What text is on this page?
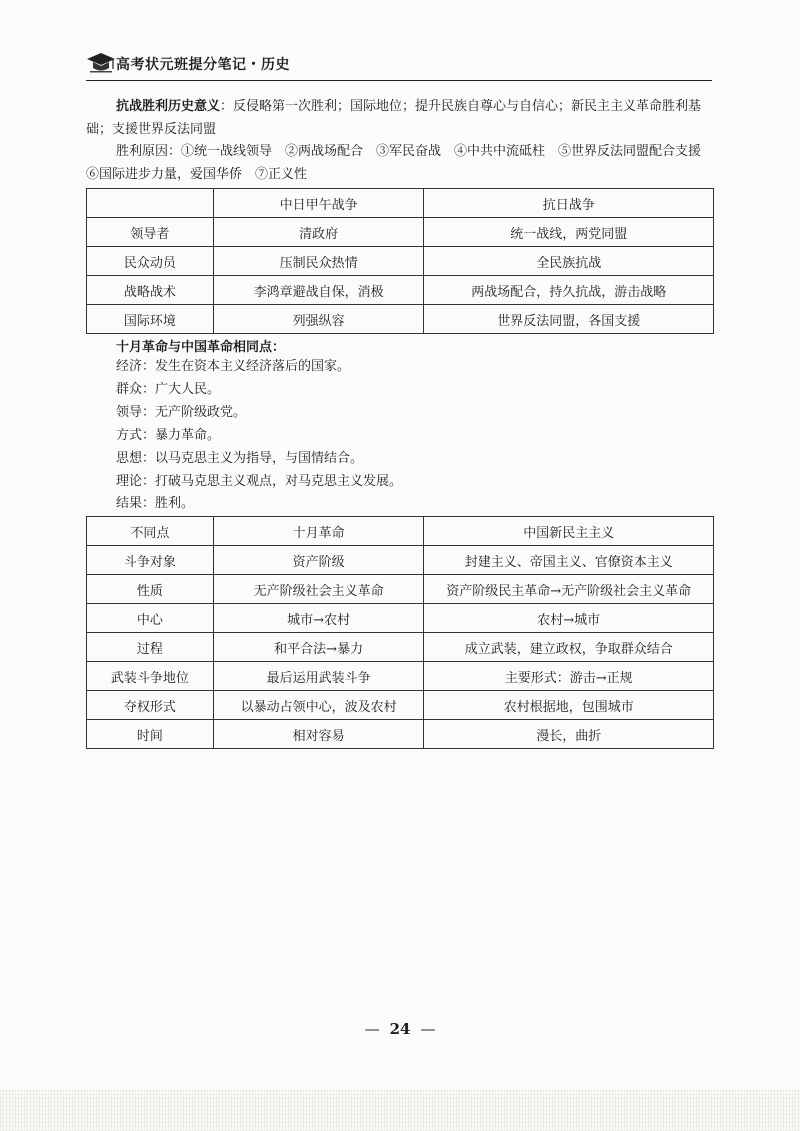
高考状元班提分笔记・历史

抗战胜利历史意义：反侵略第一次胜利；国际地位；提升民族自尊心与自信心；新民主主义革命胜利基础；支援世界反法同盟

胜利原因：①统一战线领导　②两战场配合　③军民奋战　④中共中流砥柱　⑤世界反法同盟配合支援　⑥国际进步力量，爱国华侨　⑦正义性

	中日甲午战争	抗日战争
领导者	清政府	统一战线，两党同盟
民众动员	压制民众热情	全民族抗战
战略战术	李鸿章避战自保，消极	两战场配合，持久抗战，游击战略
国际环境	列强纵容	世界反法同盟，各国支援

十月革命与中国革命相同点：

经济：发生在资本主义经济落后的国家。

群众：广大人民。

领导：无产阶级政党。

方式：暴力革命。

思想：以马克思主义为指导，与国情结合。

理论：打破马克思主义观点，对马克思主义发展。

结果：胜利。

不同点	十月革命	中国新民主主义
斗争对象	资产阶级	封建主义、帝国主义、官僚资本主义
性质	无产阶级社会主义革命	资产阶级民主革命→无产阶级社会主义革命
中心	城市→农村	农村→城市
过程	和平合法→暴力	成立武装，建立政权，争取群众结合
武装斗争地位	最后运用武装斗争	主要形式：游击→正规
夺权形式	以暴动占领中心，波及农村	农村根据地，包围城市
时间	相对容易	漫长，曲折
— 24 —
